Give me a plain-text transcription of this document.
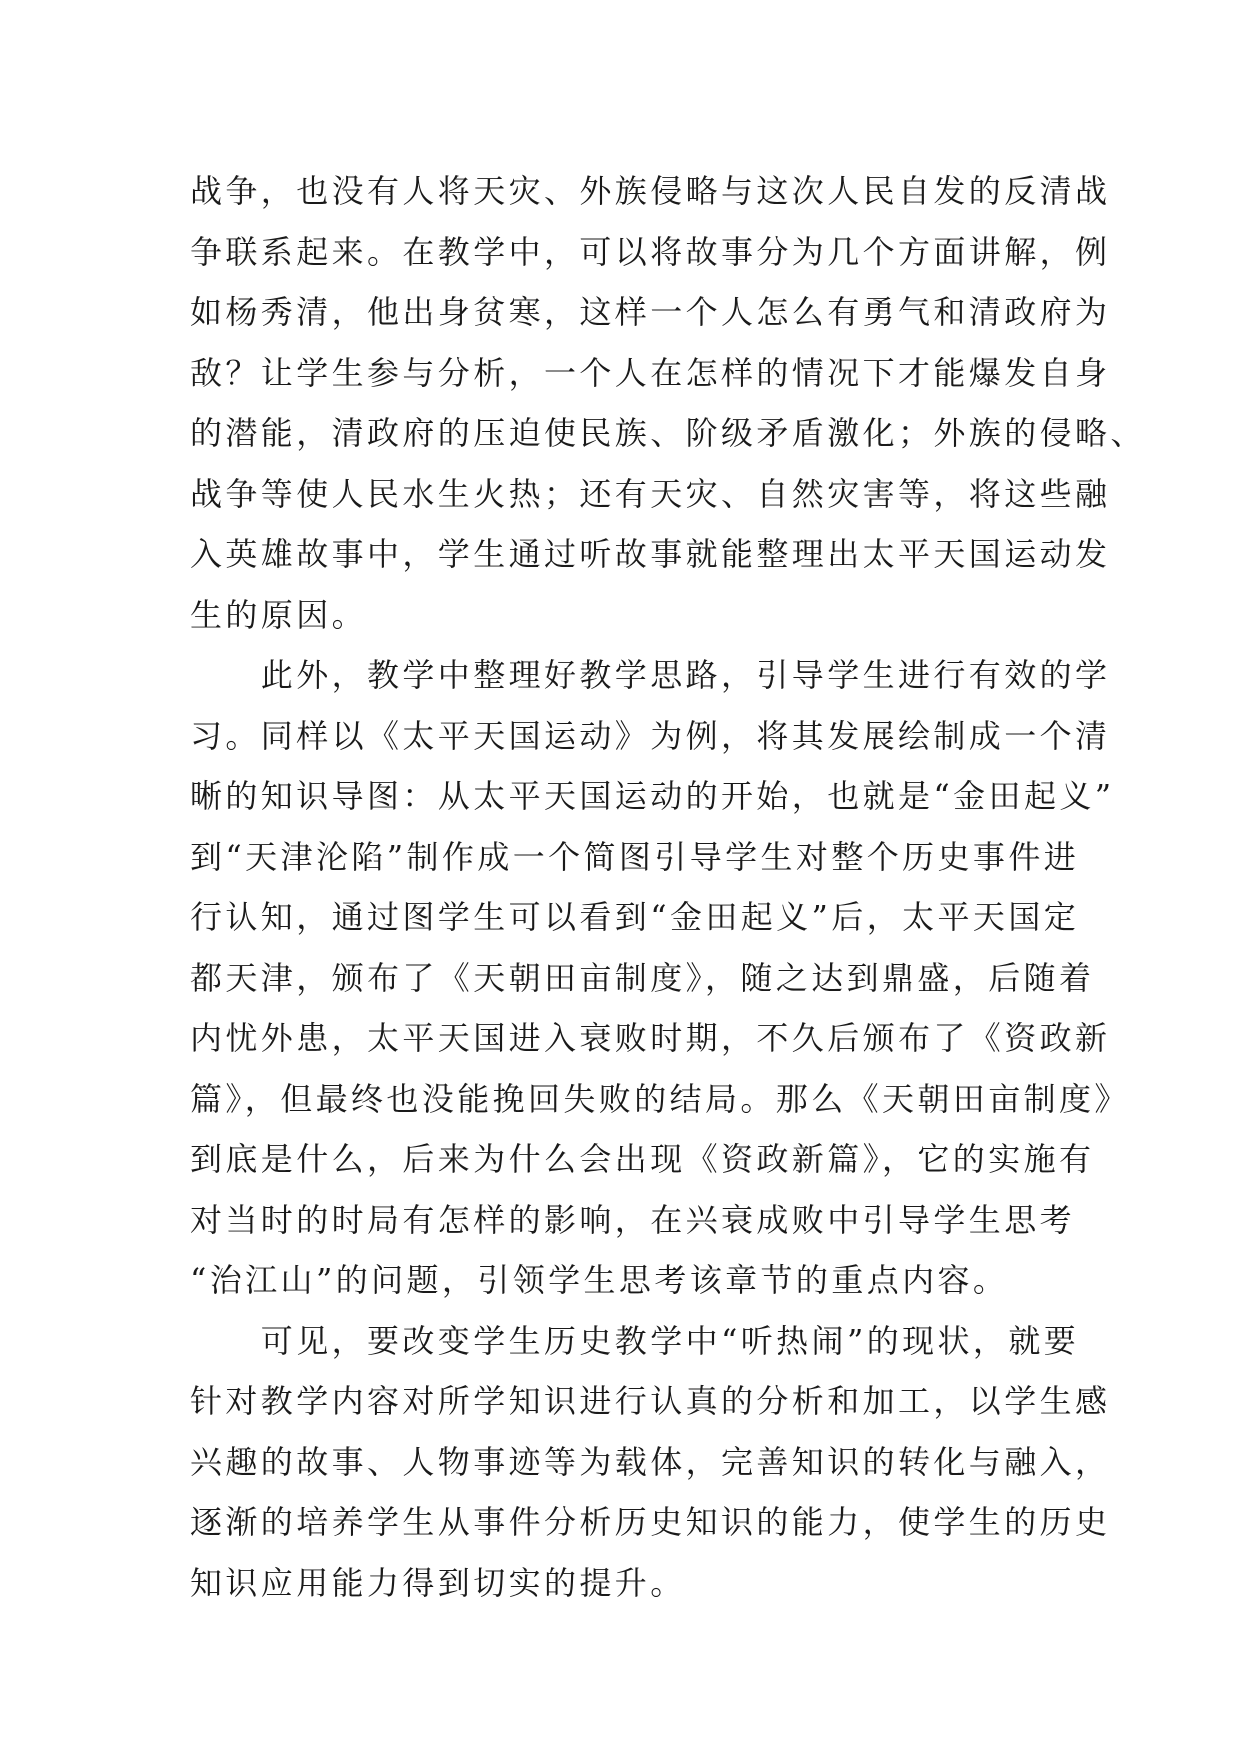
战争，也没有人将天灾、外族侵略与这次人民自发的反清战
争联系起来。在教学中，可以将故事分为几个方面讲解，例
如杨秀清，他出身贫寒，这样一个人怎么有勇气和清政府为
敌？让学生参与分析，一个人在怎样的情况下才能爆发自身
的潜能，清政府的压迫使民族、阶级矛盾激化；外族的侵略、
战争等使人民水生火热；还有天灾、自然灾害等，将这些融
入英雄故事中，学生通过听故事就能整理出太平天国运动发
生的原因。

　　此外，教学中整理好教学思路，引导学生进行有效的学
习。同样以《太平天国运动》为例，将其发展绘制成一个清
晰的知识导图：从太平天国运动的开始，也就是“金田起义”
到“天津沦陷”制作成一个简图引导学生对整个历史事件进
行认知，通过图学生可以看到“金田起义”后，太平天国定
都天津，颁布了《天朝田亩制度》，随之达到鼎盛，后随着
内忧外患，太平天国进入衰败时期，不久后颁布了《资政新
篇》，但最终也没能挽回失败的结局。那么《天朝田亩制度》
到底是什么，后来为什么会出现《资政新篇》，它的实施有
对当时的时局有怎样的影响，在兴衰成败中引导学生思考
“治江山”的问题，引领学生思考该章节的重点内容。

　　可见，要改变学生历史教学中“听热闹”的现状，就要
针对教学内容对所学知识进行认真的分析和加工，以学生感
兴趣的故事、人物事迹等为载体，完善知识的转化与融入，
逐渐的培养学生从事件分析历史知识的能力，使学生的历史
知识应用能力得到切实的提升。
